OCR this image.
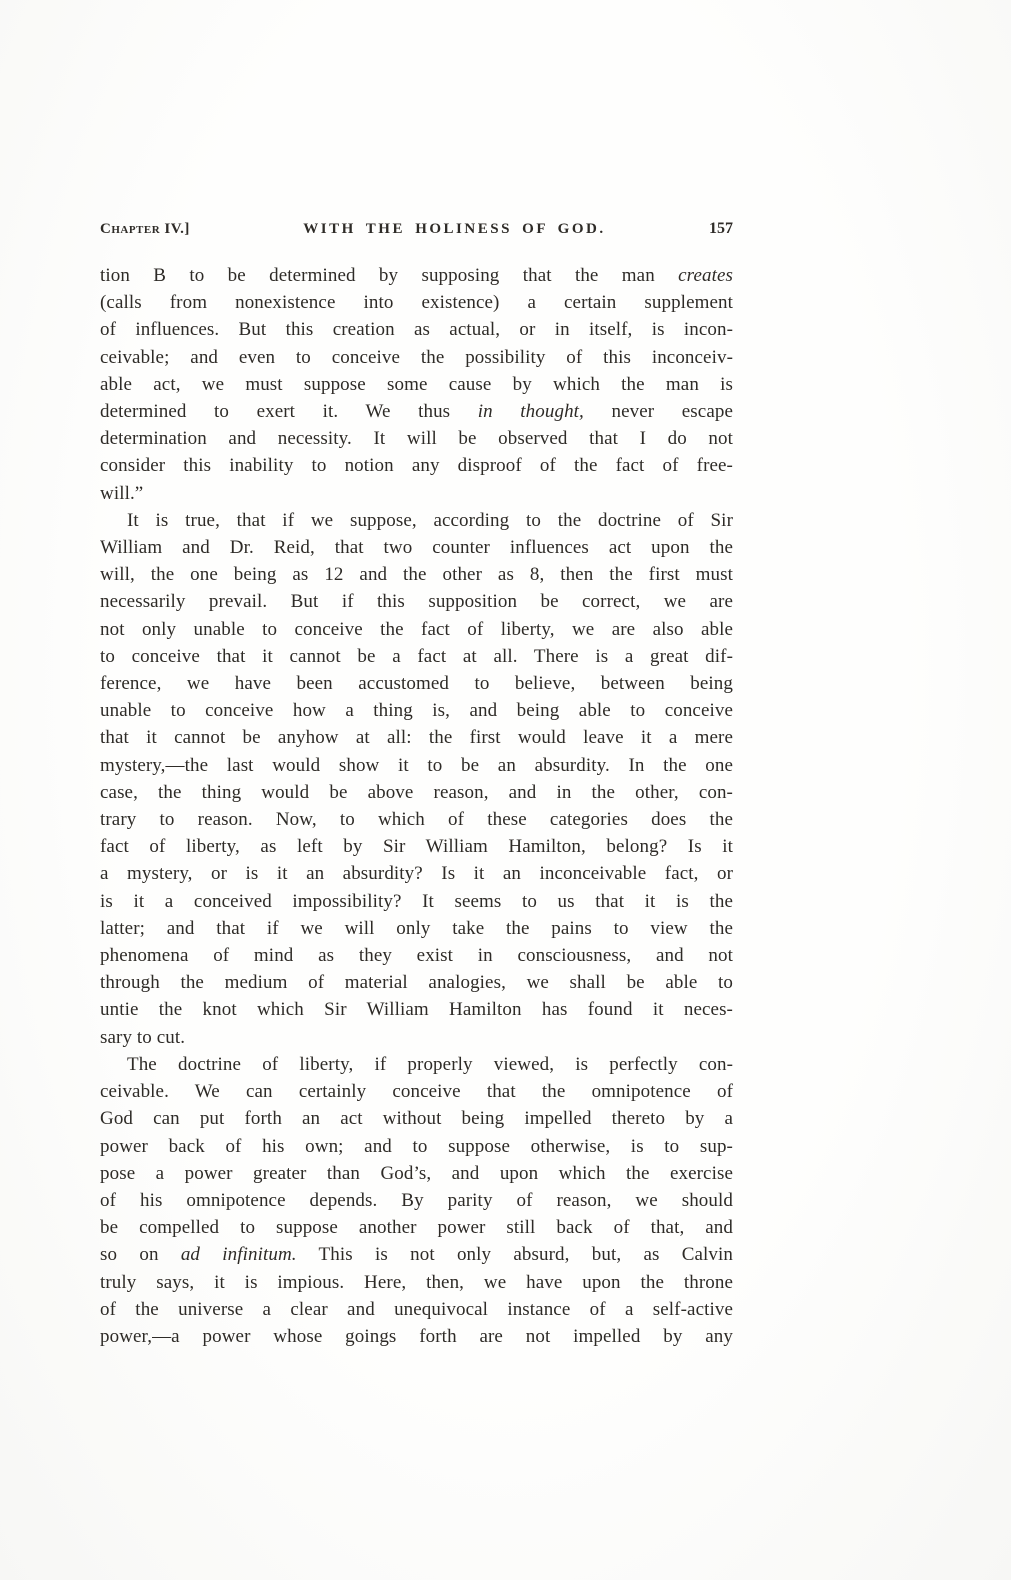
Chapter IV.]	WITH THE HOLINESS OF GOD.	157
tion B to be determined by supposing that the man creates
(calls from nonexistence into existence) a certain supplement
of influences. But this creation as actual, or in itself, is incon-
ceivable; and even to conceive the possibility of this inconceiv-
able act, we must suppose some cause by which the man is
determined to exert it. We thus in thought, never escape
determination and necessity. It will be observed that I do not
consider this inability to notion any disproof of the fact of free-
will.”
It is true, that if we suppose, according to the doctrine of Sir
William and Dr. Reid, that two counter influences act upon the
will, the one being as 12 and the other as 8, then the first must
necessarily prevail. But if this supposition be correct, we are
not only unable to conceive the fact of liberty, we are also able
to conceive that it cannot be a fact at all. There is a great dif-
ference, we have been accustomed to believe, between being
unable to conceive how a thing is, and being able to conceive
that it cannot be anyhow at all: the first would leave it a mere
mystery,—the last would show it to be an absurdity. In the one
case, the thing would be above reason, and in the other, con-
trary to reason. Now, to which of these categories does the
fact of liberty, as left by Sir William Hamilton, belong? Is it
a mystery, or is it an absurdity? Is it an inconceivable fact, or
is it a conceived impossibility? It seems to us that it is the
latter; and that if we will only take the pains to view the
phenomena of mind as they exist in consciousness, and not
through the medium of material analogies, we shall be able to
untie the knot which Sir William Hamilton has found it neces-
sary to cut.
The doctrine of liberty, if properly viewed, is perfectly con-
ceivable. We can certainly conceive that the omnipotence of
God can put forth an act without being impelled thereto by a
power back of his own; and to suppose otherwise, is to sup-
pose a power greater than God’s, and upon which the exercise
of his omnipotence depends. By parity of reason, we should
be compelled to suppose another power still back of that, and
so on ad infinitum. This is not only absurd, but, as Calvin
truly says, it is impious. Here, then, we have upon the throne
of the universe a clear and unequivocal instance of a self-active
power,—a power whose goings forth are not impelled by any
